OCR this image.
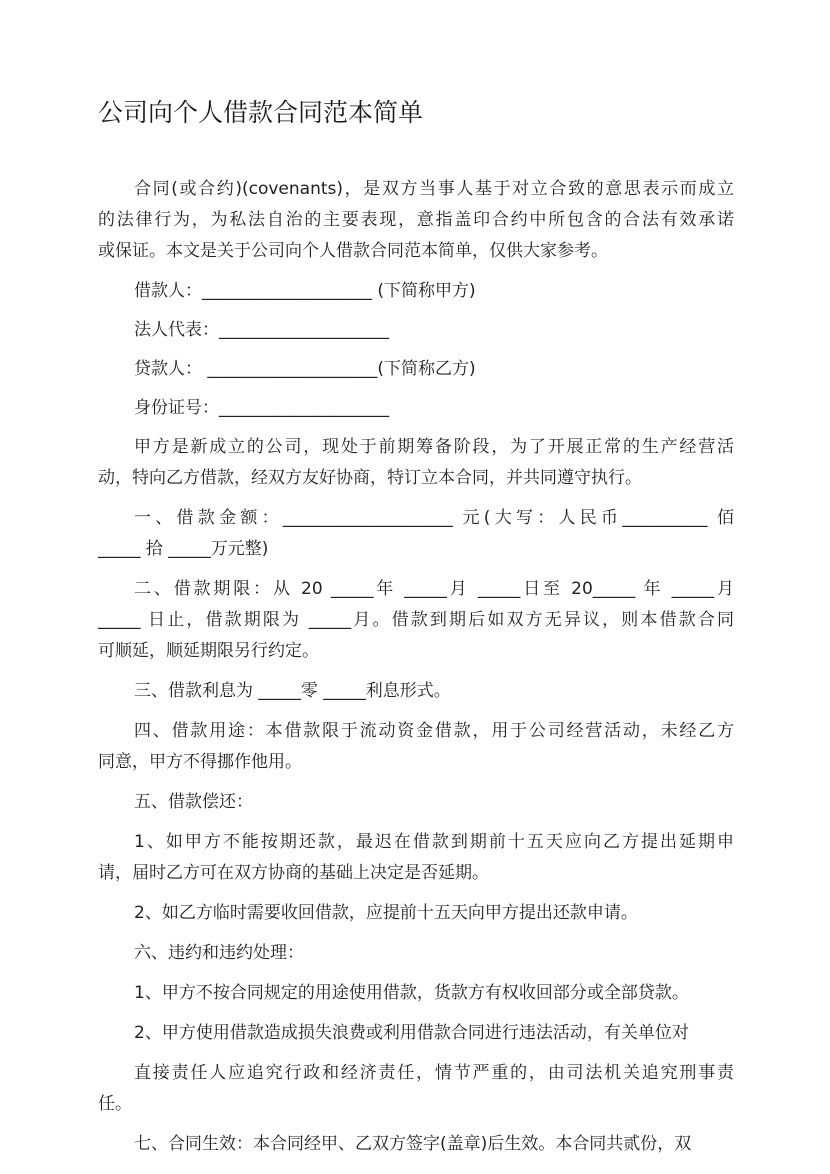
公司向个人借款合同范本简单
合同(或合约)(covenants)，是双方当事人基于对立合致的意思表示而成立
的法律行为，为私法自治的主要表现，意指盖印合约中所包含的合法有效承诺
或保证。本文是关于公司向个人借款合同范本简单，仅供大家参考。
借款人：____________________ (下简称甲方)
法人代表：____________________
贷款人： ____________________(下简称乙方)
身份证号：____________________
甲方是新成立的公司，现处于前期筹备阶段，为了开展正常的生产经营活
动，特向乙方借款，经双方友好协商，特订立本合同，并共同遵守执行。
一、借款金额：____________________ 元(大写：人民币__________ 佰
_____ 拾 _____万元整)
二、借款期限：从 20 _____年 _____月 _____日至 20_____ 年 _____月
_____ 日止，借款期限为 _____月。借款到期后如双方无异议，则本借款合同
可顺延，顺延期限另行约定。
三、借款利息为 _____零 _____利息形式。
四、借款用途：本借款限于流动资金借款，用于公司经营活动，未经乙方
同意，甲方不得挪作他用。
五、借款偿还：
1、如甲方不能按期还款，最迟在借款到期前十五天应向乙方提出延期申
请，届时乙方可在双方协商的基础上决定是否延期。
2、如乙方临时需要收回借款，应提前十五天向甲方提出还款申请。
六、违约和违约处理：
1、甲方不按合同规定的用途使用借款，货款方有权收回部分或全部贷款。
2、甲方使用借款造成损失浪费或利用借款合同进行违法活动，有关单位对
直接责任人应追究行政和经济责任，情节严重的，由司法机关追究刑事责
任。
七、合同生效：本合同经甲、乙双方签字(盖章)后生效。本合同共贰份，双
